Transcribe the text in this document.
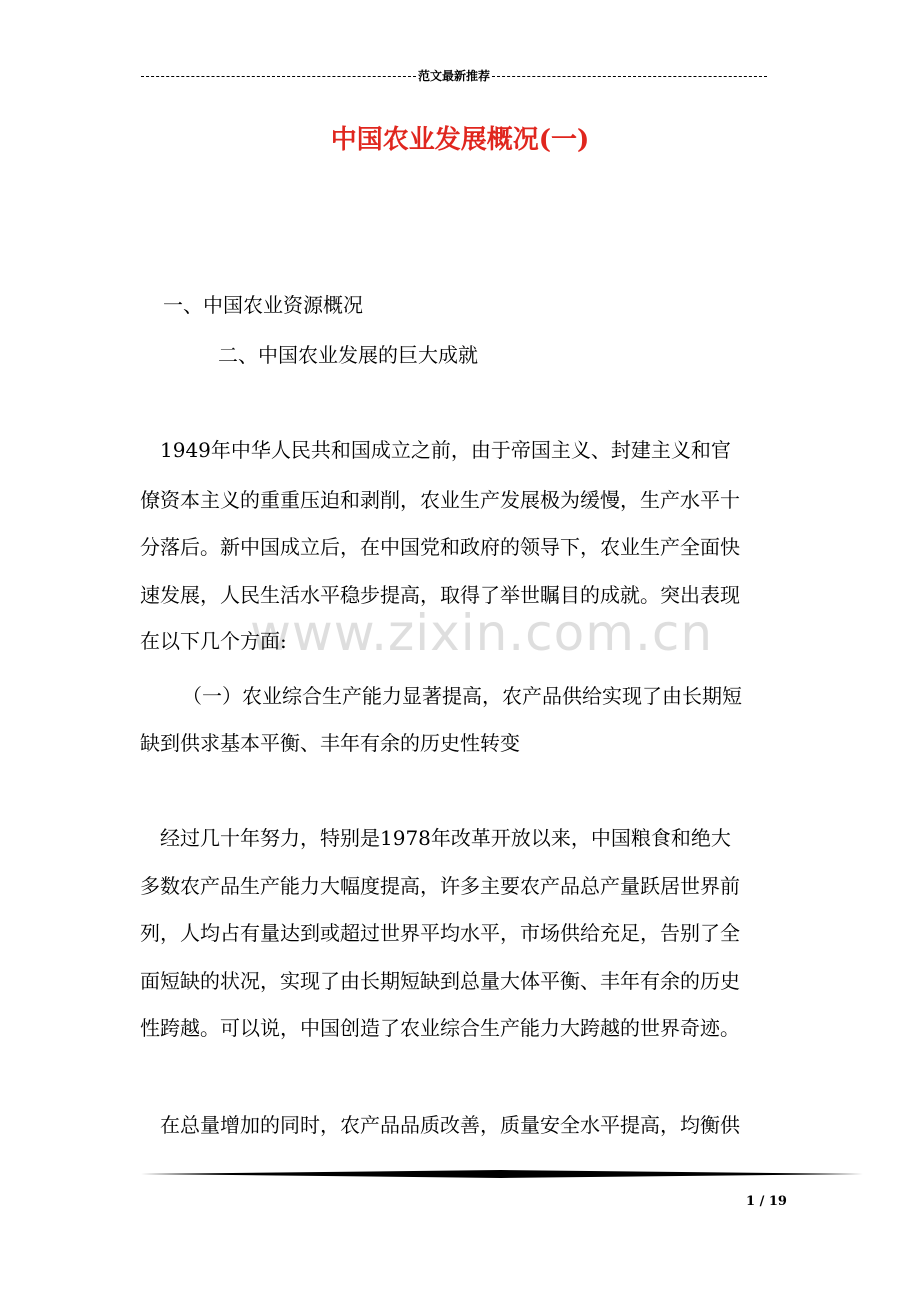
范文最新推荐
中国农业发展概况(一)
www.zixin.com.cn
一、中国农业资源概况
二、中国农业发展的巨大成就
1949年中华人民共和国成立之前，由于帝国主义、封建主义和官
僚资本主义的重重压迫和剥削，农业生产发展极为缓慢，生产水平十
分落后。新中国成立后，在中国党和政府的领导下，农业生产全面快
速发展，人民生活水平稳步提高，取得了举世瞩目的成就。突出表现
在以下几个方面:
（一）农业综合生产能力显著提高，农产品供给实现了由长期短
缺到供求基本平衡、丰年有余的历史性转变
经过几十年努力，特别是1978年改革开放以来，中国粮食和绝大
多数农产品生产能力大幅度提高，许多主要农产品总产量跃居世界前
列，人均占有量达到或超过世界平均水平，市场供给充足，告别了全
面短缺的状况，实现了由长期短缺到总量大体平衡、丰年有余的历史
性跨越。可以说，中国创造了农业综合生产能力大跨越的世界奇迹。
在总量增加的同时，农产品品质改善，质量安全水平提高，均衡供
1 / 19
